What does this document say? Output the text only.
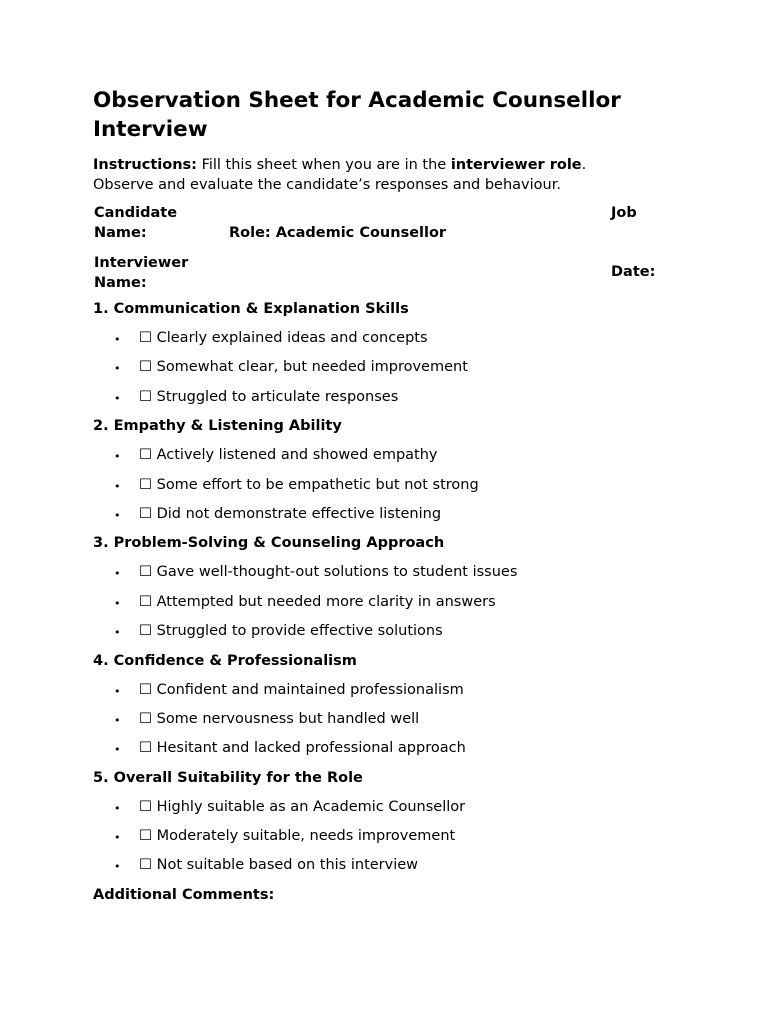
Observation Sheet for Academic Counsellor Interview

Instructions: Fill this sheet when you are in the interviewer role.
Observe and evaluate the candidate’s responses and behaviour.

Candidate
Name:	Role: Academic Counsellor
Job
Interviewer
Name:
Date:

1. Communication & Explanation Skills

• ☐ Clearly explained ideas and concepts
• ☐ Somewhat clear, but needed improvement
• ☐ Struggled to articulate responses

2. Empathy & Listening Ability

• ☐ Actively listened and showed empathy
• ☐ Some effort to be empathetic but not strong
• ☐ Did not demonstrate effective listening

3. Problem-Solving & Counseling Approach

• ☐ Gave well-thought-out solutions to student issues
• ☐ Attempted but needed more clarity in answers
• ☐ Struggled to provide effective solutions

4. Confidence & Professionalism

• ☐ Confident and maintained professionalism
• ☐ Some nervousness but handled well
• ☐ Hesitant and lacked professional approach

5. Overall Suitability for the Role

• ☐ Highly suitable as an Academic Counsellor
• ☐ Moderately suitable, needs improvement
• ☐ Not suitable based on this interview

Additional Comments:
